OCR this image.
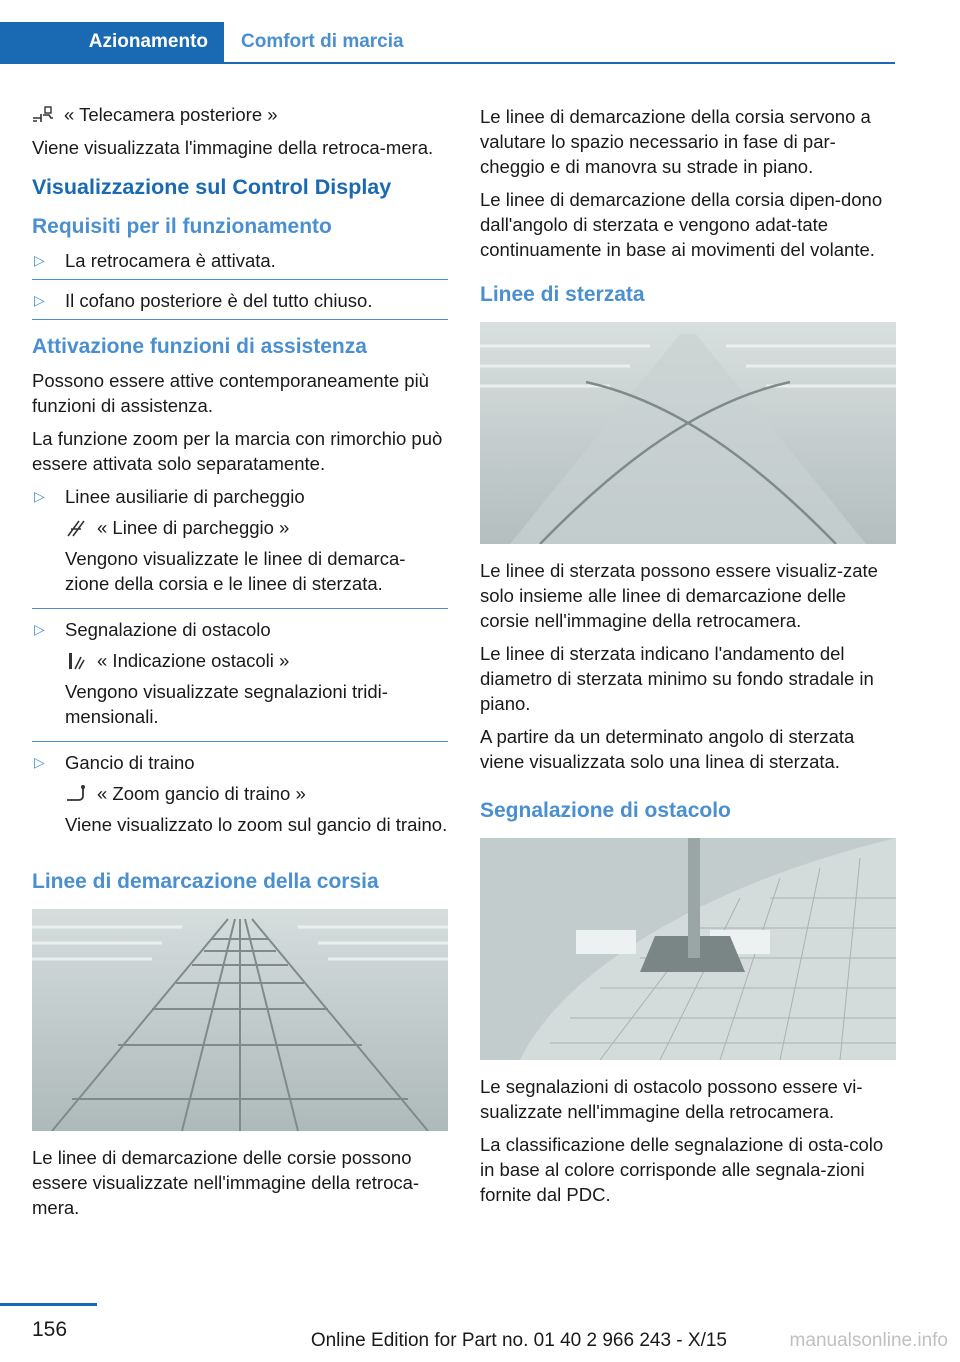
Azionamento	Comfort di marcia
« Telecamera posteriore »

Viene visualizzata l'immagine della retroca-mera.

Visualizzazione sul Control Display
Requisiti per il funzionamento
▷ La retrocamera è attivata.
▷ Il cofano posteriore è del tutto chiuso.
Attivazione funzioni di assistenza

Possono essere attive contemporaneamente più funzioni di assistenza.

La funzione zoom per la marcia con rimorchio può essere attivata solo separatamente.

▷ Linee ausiliarie di parcheggio

« Linee di parcheggio »

Vengono visualizzate le linee di demarca-zione della corsia e le linee di sterzata.

▷ Segnalazione di ostacolo

« Indicazione ostacoli »

Vengono visualizzate segnalazioni tridi-mensionali.

▷ Gancio di traino

« Zoom gancio di traino »

Viene visualizzato lo zoom sul gancio di traino.

Linee di demarcazione della corsia

Le linee di demarcazione delle corsie possono essere visualizzate nell'immagine della retroca-mera.

Le linee di demarcazione della corsia servono a valutare lo spazio necessario in fase di par-cheggio e di manovra su strade in piano.

Le linee di demarcazione della corsia dipen-dono dall'angolo di sterzata e vengono adat-tate continuamente in base ai movimenti del volante.

Linee di sterzata

Le linee di sterzata possono essere visualiz-zate solo insieme alle linee di demarcazione delle corsie nell'immagine della retrocamera.

Le linee di sterzata indicano l'andamento del diametro di sterzata minimo su fondo stradale in piano.

A partire da un determinato angolo di sterzata viene visualizzata solo una linea di sterzata.

Segnalazione di ostacolo

Le segnalazioni di ostacolo possono essere vi-sualizzate nell'immagine della retrocamera.

La classificazione delle segnalazione di osta-colo in base al colore corrisponde alle segnala-zioni fornite dal PDC.

156	Online Edition for Part no. 01 40 2 966 243 - X/15	manualsonline.info
